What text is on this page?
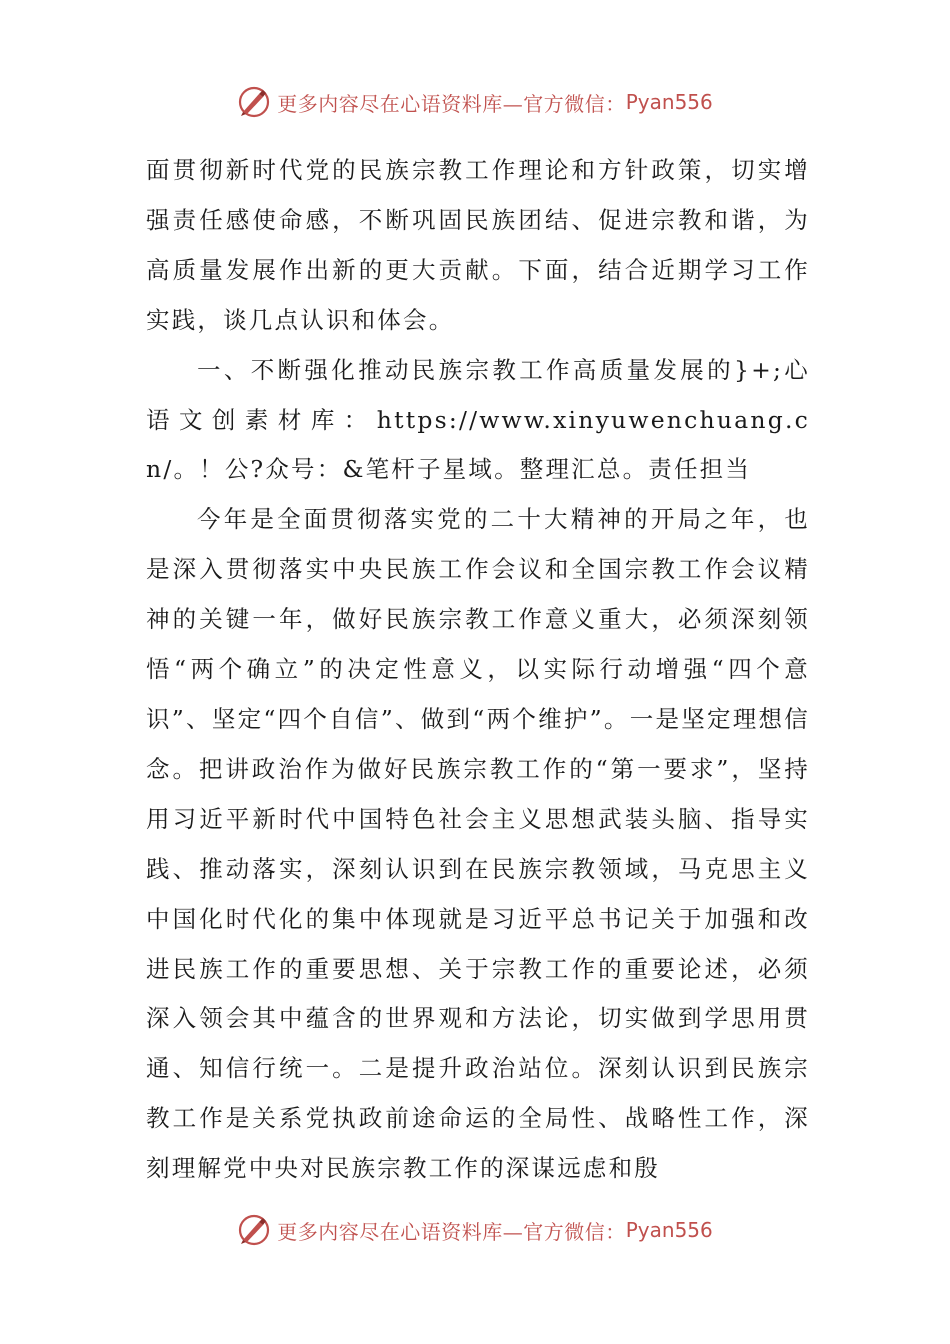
更多内容尽在心语资料库—官方微信： Pyan556

面贯彻新时代党的民族宗教工作理论和方针政策，切实增强责任感使命感，不断巩固民族团结、促进宗教和谐，为高质量发展作出新的更大贡献。下面，结合近期学习工作实践，谈几点认识和体会。

一、不断强化推动民族宗教工作高质量发展的}+;心语文创素材库：https://www.xinyuwenchuang.cn/。！公?众号：&笔杆子星域。整理汇总。责任担当

今年是全面贯彻落实党的二十大精神的开局之年，也是深入贯彻落实中央民族工作会议和全国宗教工作会议精神的关键一年，做好民族宗教工作意义重大，必须深刻领悟“两个确立”的决定性意义，以实际行动增强“四个意识”、坚定“四个自信”、做到“两个维护”。一是坚定理想信念。把讲政治作为做好民族宗教工作的“第一要求”，坚持用习近平新时代中国特色社会主义思想武装头脑、指导实践、推动落实，深刻认识到在民族宗教领域，马克思主义中国化时代化的集中体现就是习近平总书记关于加强和改进民族工作的重要思想、关于宗教工作的重要论述，必须深入领会其中蕴含的世界观和方法论，切实做到学思用贯通、知信行统一。二是提升政治站位。深刻认识到民族宗教工作是关系党执政前途命运的全局性、战略性工作，深刻理解党中央对民族宗教工作的深谋远虑和殷

更多内容尽在心语资料库—官方微信： Pyan556
